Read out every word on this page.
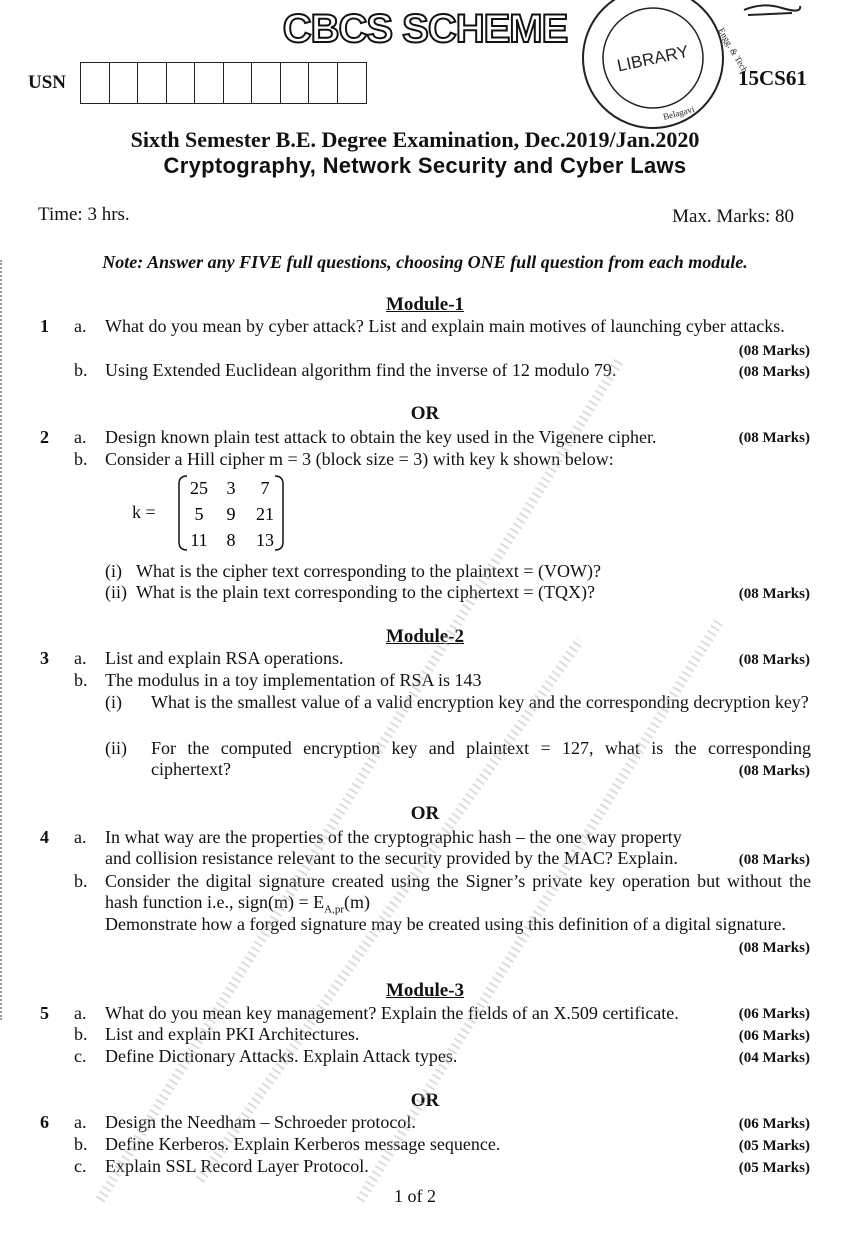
CBCS SCHEME
USN
LIBRARY	Engg. & Tech.
Belagavi
15CS61
Sixth Semester B.E. Degree Examination, Dec.2019/Jan.2020
Cryptography, Network Security and Cyber Laws
Time: 3 hrs.	Max. Marks: 80
Note: Answer any FIVE full questions, choosing ONE full question from each module.
Module-1
1 a. What do you mean by cyber attack? List and explain main motives of launching cyber attacks.
(08 Marks)
b. Using Extended Euclidean algorithm find the inverse of 12 modulo 79.	(08 Marks)
OR
2 a. Design known plain test attack to obtain the key used in the Vigenere cipher.	(08 Marks)
b. Consider a Hill cipher m = 3 (block size = 3) with key k shown below:
k =
25 3 7
5 9 21
11 8 13
(i) What is the cipher text corresponding to the plaintext = (VOW)?
(ii) What is the plain text corresponding to the ciphertext = (TQX)?	(08 Marks)
Module-2
3 a. List and explain RSA operations.	(08 Marks)
b. The modulus in a toy implementation of RSA is 143
(i) What is the smallest value of a valid encryption key and the corresponding decryption key?
(ii) For the computed encryption key and plaintext = 127, what is the corresponding ciphertext?	(08 Marks)
OR
4 a. In what way are the properties of the cryptographic hash – the one way property and collision resistance relevant to the security provided by the MAC? Explain.	(08 Marks)
b. Consider the digital signature created using the Signer’s private key operation but without the hash function i.e., sign(m) = $E_{A,pr}(m)$
Demonstrate how a forged signature may be created using this definition of a digital signature.
(08 Marks)
Module-3
5 a. What do you mean key management? Explain the fields of an X.509 certificate.	(06 Marks)
b. List and explain PKI Architectures.	(06 Marks)
c. Define Dictionary Attacks. Explain Attack types.	(04 Marks)
OR
6 a. Design the Needham – Schroeder protocol.	(06 Marks)
b. Define Kerberos. Explain Kerberos message sequence.	(05 Marks)
c. Explain SSL Record Layer Protocol.	(05 Marks)
1 of 2
